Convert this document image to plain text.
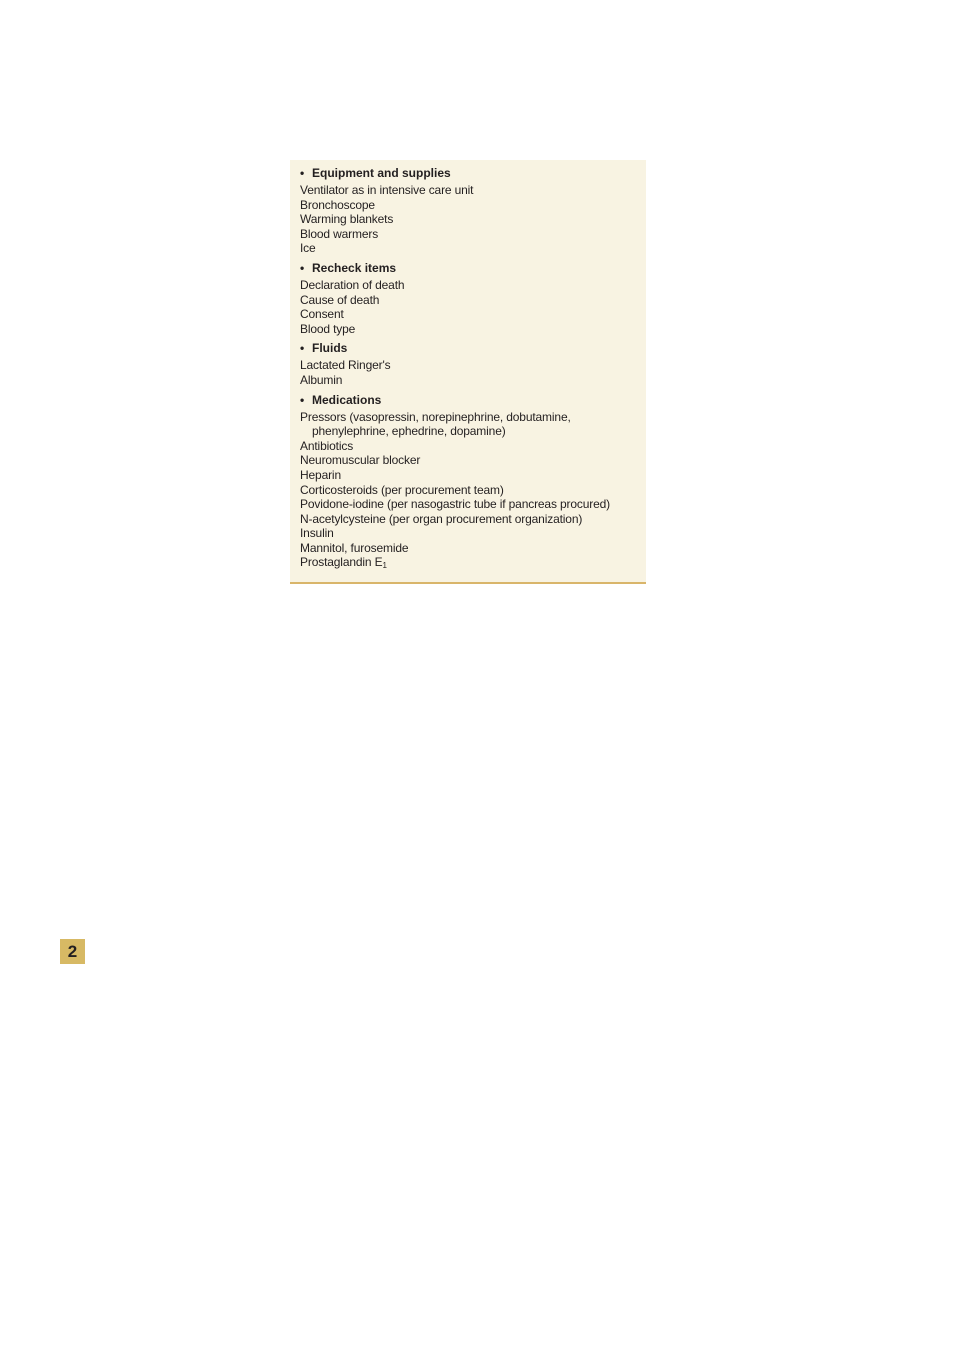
• Equipment and supplies
Ventilator as in intensive care unit
Bronchoscope
Warming blankets
Blood warmers
Ice
• Recheck items
Declaration of death
Cause of death
Consent
Blood type
• Fluids
Lactated Ringer's
Albumin
• Medications
Pressors (vasopressin, norepinephrine, dobutamine,
phenylephrine, ephedrine, dopamine)
Antibiotics
Neuromuscular blocker
Heparin
Corticosteroids (per procurement team)
Povidone-iodine (per nasogastric tube if pancreas procured)
N-acetylcysteine (per organ procurement organization)
Insulin
Mannitol, furosemide
Prostaglandin $E_1$
2
